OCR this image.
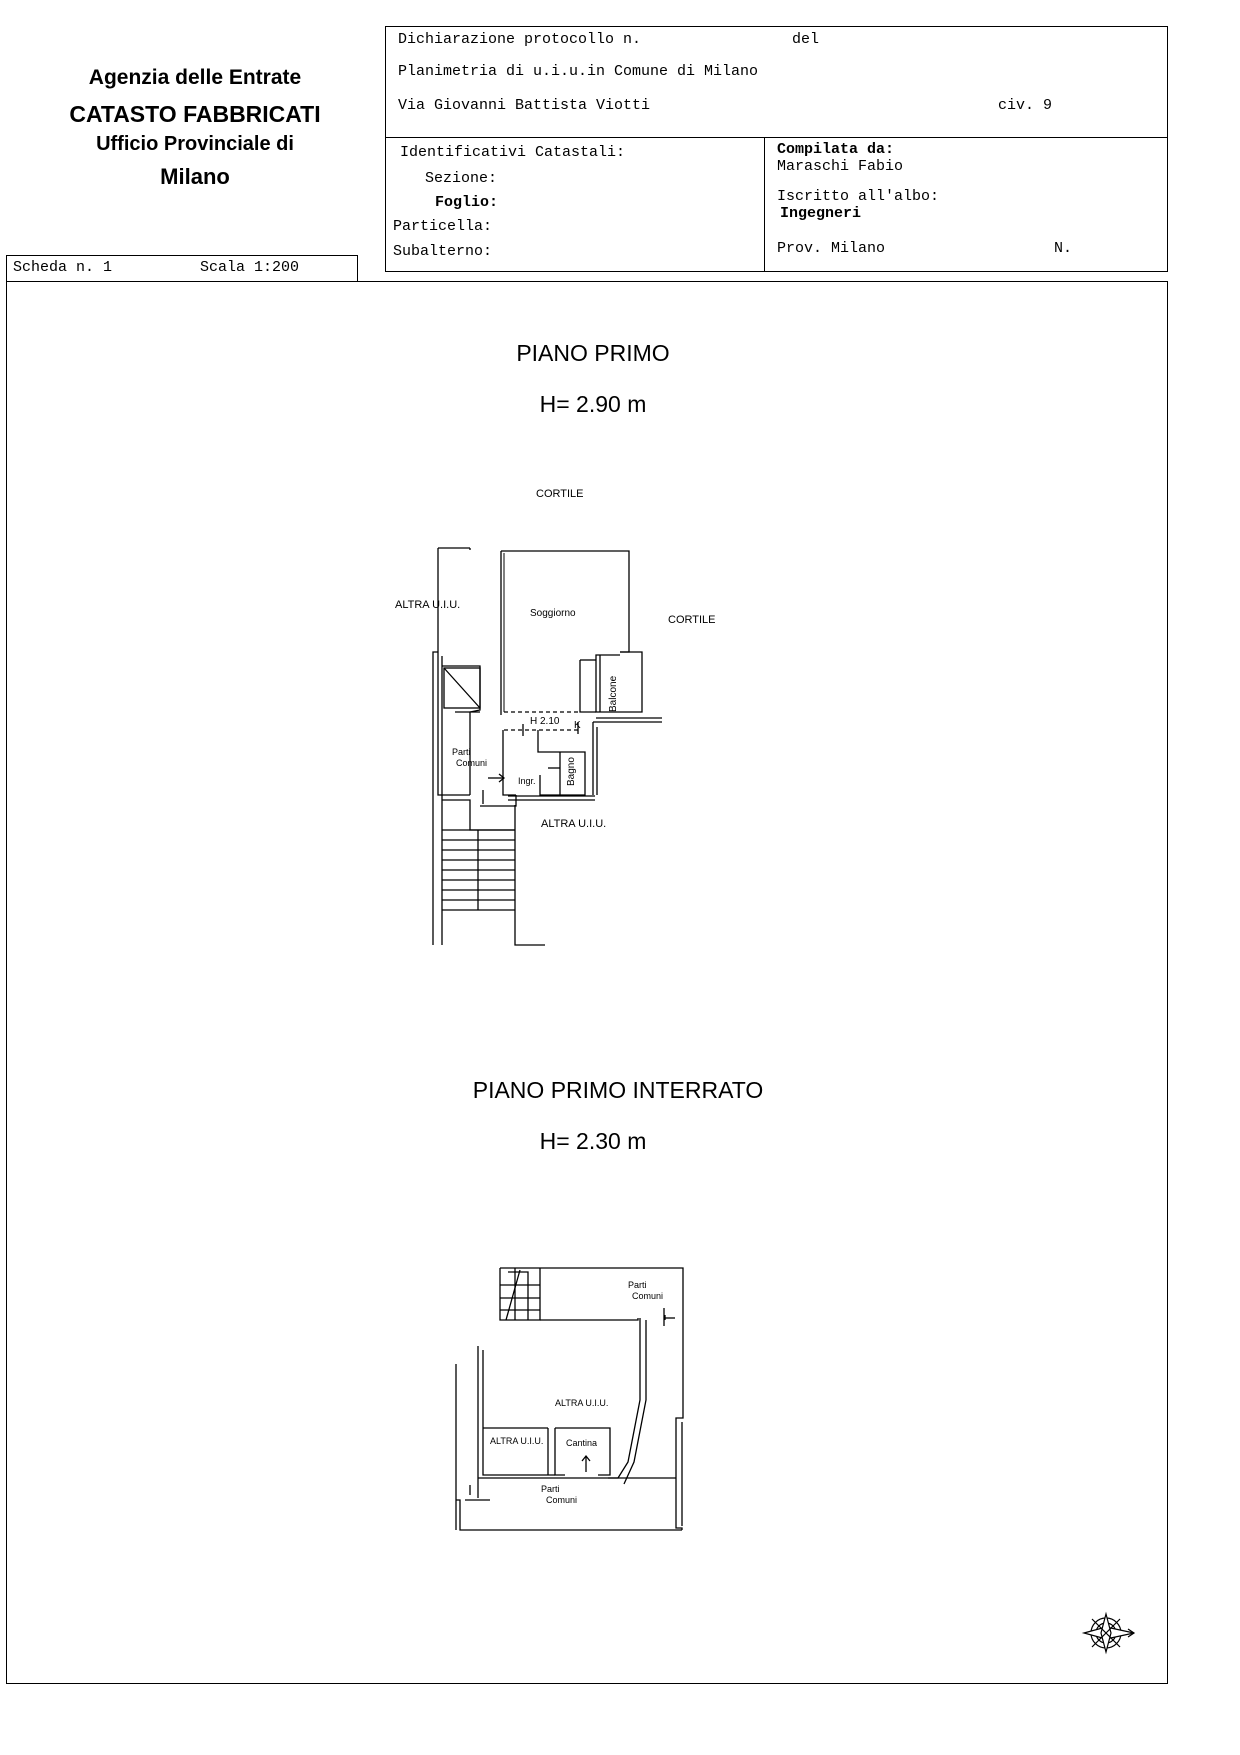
Agenzia delle Entrate
CATASTO FABBRICATI
Ufficio Provinciale di
Milano
Dichiarazione protocollo n.	del
Planimetria di u.i.u.in Comune di Milano
Via Giovanni Battista Viotti	civ. 9
Identificativi Catastali:
Sezione:
Foglio:
Particella:
Subalterno:
Compilata da:
Maraschi Fabio
Iscritto all'albo:
Ingegneri
Prov. Milano	N.
Scheda n. 1	Scala 1:200
PIANO PRIMO
H= 2.90 m
PIANO PRIMO INTERRATO
H= 2.30 m
CORTILE
CORTILE
ALTRA U.I.U.
ALTRA U.I.U.
Soggiorno
Balcone
H 2.10 K
Bagno
Ingr.
Parti
Comuni
Parti
Comuni
ALTRA U.I.U.
ALTRA U.I.U.	Cantina
Parti
Comuni
